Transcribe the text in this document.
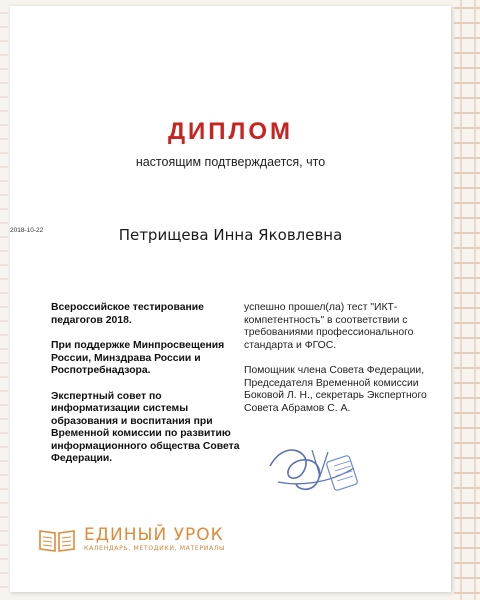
ДИПЛОМ
настоящим подтверждается, что
2018-10-22	Петрищева Инна Яковлевна

Всероссийское тестирование педагогов 2018.

При поддержке Минпросвещения России, Минздрава России и Роспотребнадзора.

Экспертный совет по информатизации системы образования и воспитания при Временной комиссии по развитию информационного общества Совета Федерации.

успешно прошел(ла) тест "ИКТ-компетентность" в соответствии с требованиями профессионального стандарта и ФГОС.

Помощник члена Совета Федерации, Председателя Временной комиссии Боковой Л. Н., секретарь Экспертного Совета Абрамов С. А.

ЕДИНЫЙ УРОК
КАЛЕНДАРЬ, МЕТОДИКИ, МАТЕРИАЛЫ
